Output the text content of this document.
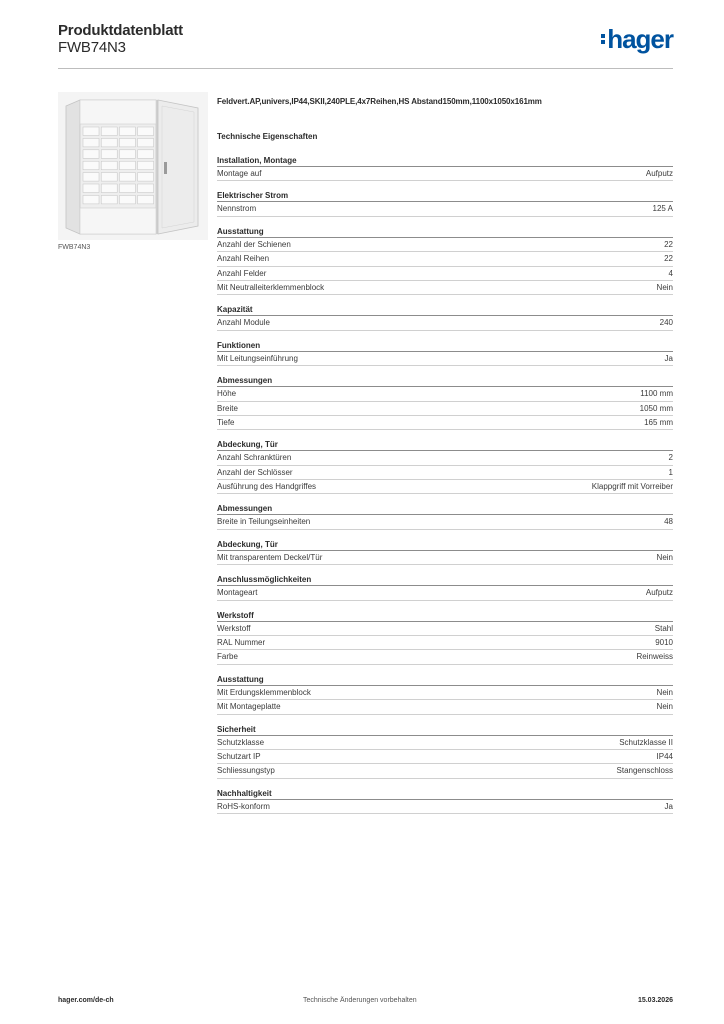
Produktdatenblatt
FWB74N3	hager
FWB74N3
Feldvert.AP,univers,IP44,SKII,240PLE,4x7Reihen,HS Abstand150mm,1100x1050x161mm
Technische Eigenschaften
Installation, Montage
Montage auf	Aufputz
Elektrischer Strom
Nennstrom	125 A
Ausstattung
Anzahl der Schienen	22
Anzahl Reihen	22
Anzahl Felder	4
Mit Neutralleiterklemmenblock	Nein
Kapazität
Anzahl Module	240
Funktionen
Mit Leitungseinführung	Ja
Abmessungen
Höhe	1100 mm
Breite	1050 mm
Tiefe	165 mm
Abdeckung, Tür
Anzahl Schranktüren	2
Anzahl der Schlösser	1
Ausführung des Handgriffes	Klappgriff mit Vorreiber
Abmessungen
Breite in Teilungseinheiten	48
Abdeckung, Tür
Mit transparentem Deckel/Tür	Nein
Anschlussmöglichkeiten
Montageart	Aufputz
Werkstoff
Werkstoff	Stahl
RAL Nummer	9010
Farbe	Reinweiss
Ausstattung
Mit Erdungsklemmenblock	Nein
Mit Montageplatte	Nein
Sicherheit
Schutzklasse	Schutzklasse II
Schutzart IP	IP44
Schliessungstyp	Stangenschloss
Nachhaltigkeit
RoHS-konform	Ja
hager.com/de-ch	Technische Änderungen vorbehalten	15.03.2026
